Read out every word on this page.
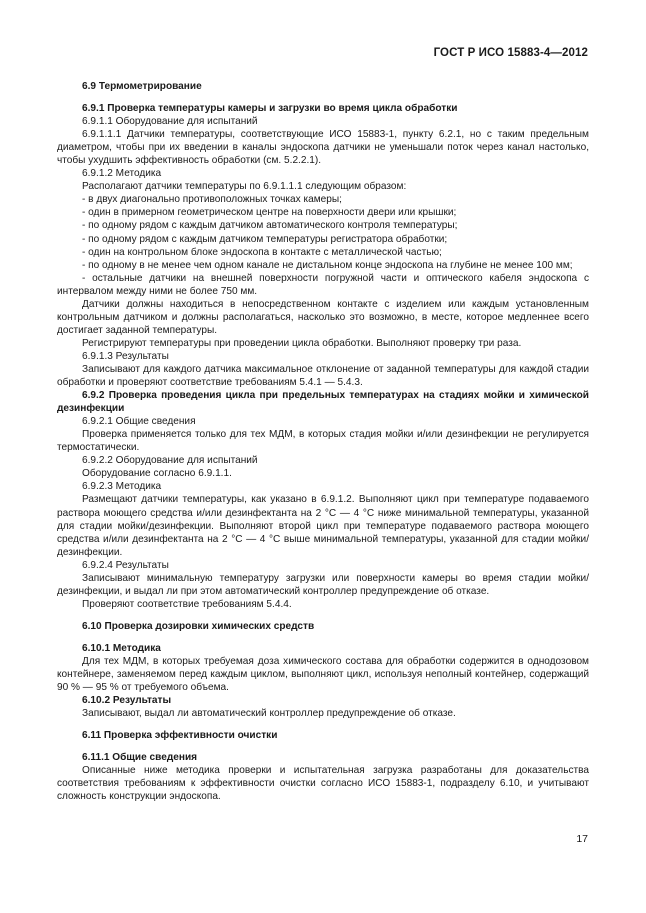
ГОСТ Р ИСО 15883-4—2012

6.9 Термометрирование

6.9.1 Проверка температуры камеры и загрузки во время цикла обработки

6.9.1.1 Оборудование для испытаний

6.9.1.1.1 Датчики температуры, соответствующие ИСО 15883-1, пункту 6.2.1, но с таким предельным диаметром, чтобы при их введении в каналы эндоскопа датчики не уменьшали поток через канал настолько, чтобы ухудшить эффективность обработки (см. 5.2.2.1).

6.9.1.2 Методика

Располагают датчики температуры по 6.9.1.1.1 следующим образом:

- в двух диагонально противоположных точках камеры;

- один в примерном геометрическом центре на поверхности двери или крышки;

- по одному рядом с каждым датчиком автоматического контроля температуры;

- по одному рядом с каждым датчиком температуры регистратора обработки;

- один на контрольном блоке эндоскопа в контакте с металлической частью;

- по одному в не менее чем одном канале не дистальном конце эндоскопа на глубине не менее 100 мм;

- остальные датчики на внешней поверхности погружной части и оптического кабеля эндоскопа с интервалом между ними не более 750 мм.

Датчики должны находиться в непосредственном контакте с изделием или каждым установленным контрольным датчиком и должны располагаться, насколько это возможно, в месте, которое медленнее всего достигает заданной температуры.

Регистрируют температуры при проведении цикла обработки. Выполняют проверку три раза.

6.9.1.3 Результаты

Записывают для каждого датчика максимальное отклонение от заданной температуры для каждой стадии обработки и проверяют соответствие требованиям 5.4.1 — 5.4.3.

6.9.2 Проверка проведения цикла при предельных температурах на стадиях мойки и химической дезинфекции

6.9.2.1 Общие сведения

Проверка применяется только для тех МДМ, в которых стадия мойки и/или дезинфекции не регулируется термостатически.

6.9.2.2 Оборудование для испытаний

Оборудование согласно 6.9.1.1.

6.9.2.3 Методика

Размещают датчики температуры, как указано в 6.9.1.2. Выполняют цикл при температуре подаваемого раствора моющего средства и/или дезинфектанта на 2 °С — 4 °С ниже минимальной температуры, указанной для стадии мойки/дезинфекции. Выполняют второй цикл при температуре подаваемого раствора моющего средства и/или дезинфектанта на 2 °С — 4 °С выше минимальной температуры, указанной для стадии мойки/дезинфекции.

6.9.2.4 Результаты

Записывают минимальную температуру загрузки или поверхности камеры во время стадии мойки/дезинфекции, и выдал ли при этом автоматический контроллер предупреждение об отказе.

Проверяют соответствие требованиям 5.4.4.

6.10 Проверка дозировки химических средств

6.10.1 Методика

Для тех МДМ, в которых требуемая доза химического состава для обработки содержится в однодозовом контейнере, заменяемом перед каждым циклом, выполняют цикл, используя неполный контейнер, содержащий 90 % — 95 % от требуемого объема.

6.10.2 Результаты

Записывают, выдал ли автоматический контроллер предупреждение об отказе.

6.11 Проверка эффективности очистки

6.11.1 Общие сведения

Описанные ниже методика проверки и испытательная загрузка разработаны для доказательства соответствия требованиям к эффективности очистки согласно ИСО 15883-1, подразделу 6.10, и учитывают сложность конструкции эндоскопа.

17
